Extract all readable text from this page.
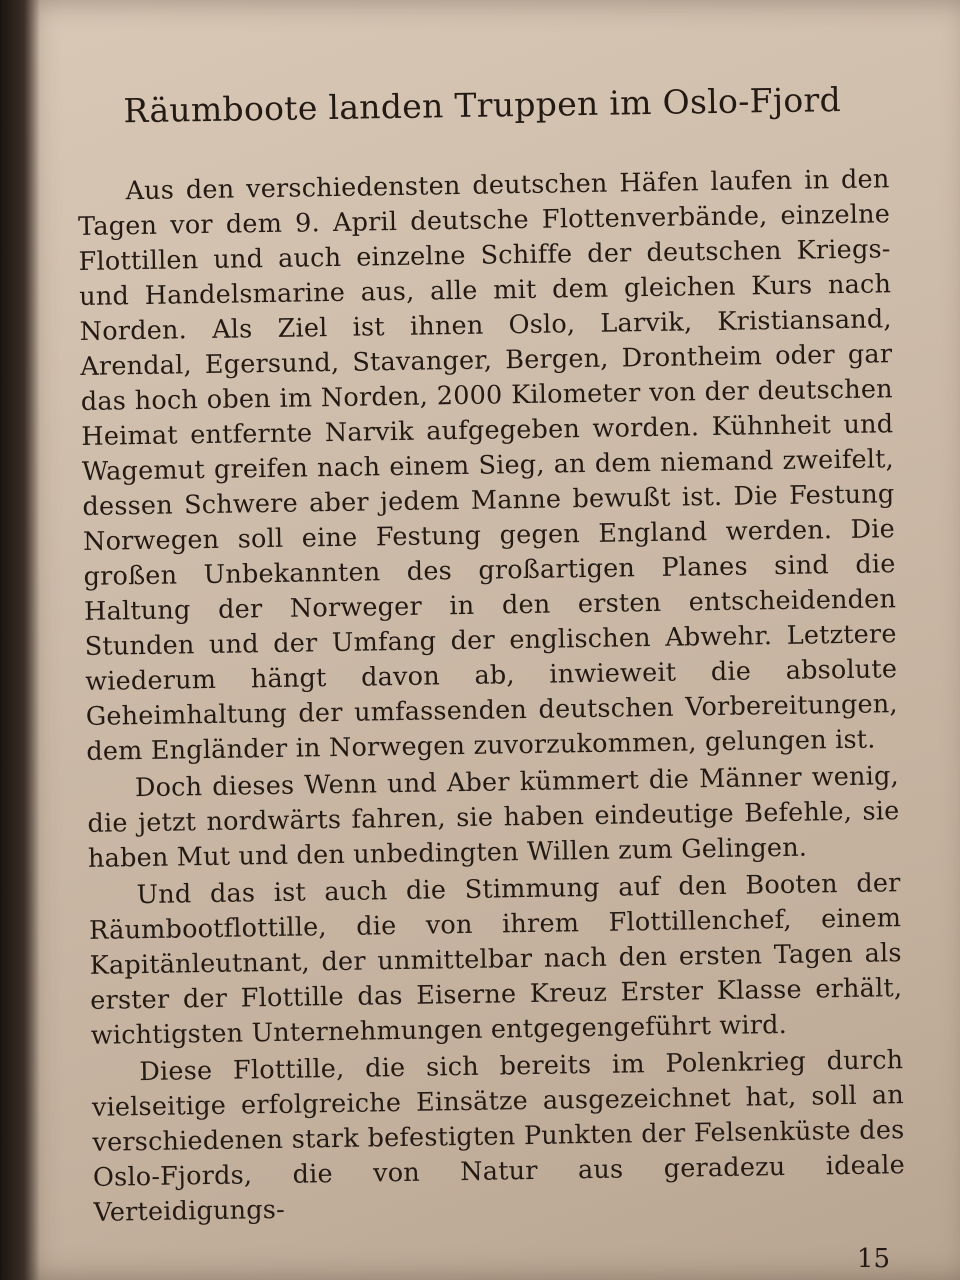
Räumboote landen Truppen im Oslo-Fjord

Aus den verschiedensten deutschen Häfen laufen in den Tagen vor dem 9. April deutsche Flottenverbände, einzelne Flottillen und auch einzelne Schiffe der deutschen Kriegs- und Handelsmarine aus, alle mit dem gleichen Kurs nach Norden. Als Ziel ist ihnen Oslo, Larvik, Kristiansand, Arendal, Egersund, Stavanger, Bergen, Drontheim oder gar das hoch oben im Norden, 2000 Kilometer von der deutschen Heimat entfernte Narvik aufgegeben worden. Kühnheit und Wagemut greifen nach einem Sieg, an dem niemand zweifelt, dessen Schwere aber jedem Manne bewußt ist. Die Festung Norwegen soll eine Festung gegen England werden. Die großen Unbekannten des großartigen Planes sind die Haltung der Norweger in den ersten entscheidenden Stunden und der Umfang der englischen Abwehr. Letztere wiederum hängt davon ab, inwieweit die absolute Geheimhaltung der umfassenden deutschen Vorbereitungen, dem Engländer in Norwegen zuvorzukommen, gelungen ist.

Doch dieses Wenn und Aber kümmert die Männer wenig, die jetzt nordwärts fahren, sie haben eindeutige Befehle, sie haben Mut und den unbedingten Willen zum Gelingen.

Und das ist auch die Stimmung auf den Booten der Räumbootflottille, die von ihrem Flottillenchef, einem Kapitänleutnant, der unmittelbar nach den ersten Tagen als erster der Flottille das Eiserne Kreuz Erster Klasse erhält, wichtigsten Unternehmungen entgegengeführt wird.

Diese Flottille, die sich bereits im Polenkrieg durch vielseitige erfolgreiche Einsätze ausgezeichnet hat, soll an verschiedenen stark befestigten Punkten der Felsenküste des Oslo-Fjords, die von Natur aus geradezu ideale Verteidigungs-

15
